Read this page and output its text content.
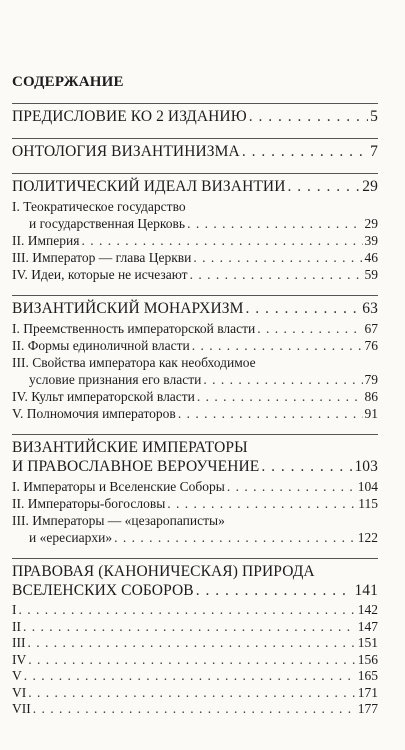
СОДЕРЖАНИЕ
ПРЕДИСЛОВИЕ КО 2 ИЗДАНИЮ . . .	5
ОНТОЛОГИЯ ВИЗАНТИНИЗМА . . .	7
ПОЛИТИЧЕСКИЙ ИДЕАЛ ВИЗАНТИИ . . .	29
I. Теократическое государство
и государственная Церковь . . .	29
II. Империя . . .	39
III. Император — глава Церкви . . .	46
IV. Идеи, которые не исчезают . . .	59
ВИЗАНТИЙСКИЙ МОНАРХИЗМ . . .	63
I. Преемственность императорской власти . . .	67
II. Формы единоличной власти . . .	76
III. Свойства императора как необходимое
условие признания его власти . . .	79
IV. Культ императорской власти . . .	86
V. Полномочия императоров . . .	91
ВИЗАНТИЙСКИЕ ИМПЕРАТОРЫ
И ПРАВОСЛАВНОЕ ВЕРОУЧЕНИЕ . . .	103
I. Императоры и Вселенские Соборы . . .	104
II. Императоры-богословы . . .	115
III. Императоры — «цезаропаписты»
и «ересиархи» . . .	122
ПРАВОВАЯ (КАНОНИЧЕСКАЯ) ПРИРОДА
ВСЕЛЕНСКИХ СОБОРОВ . . .	141
I . . .	142
II . . .	147
III . . .	151
IV . . .	156
V . . .	165
VI . . .	171
VII . . .	177
